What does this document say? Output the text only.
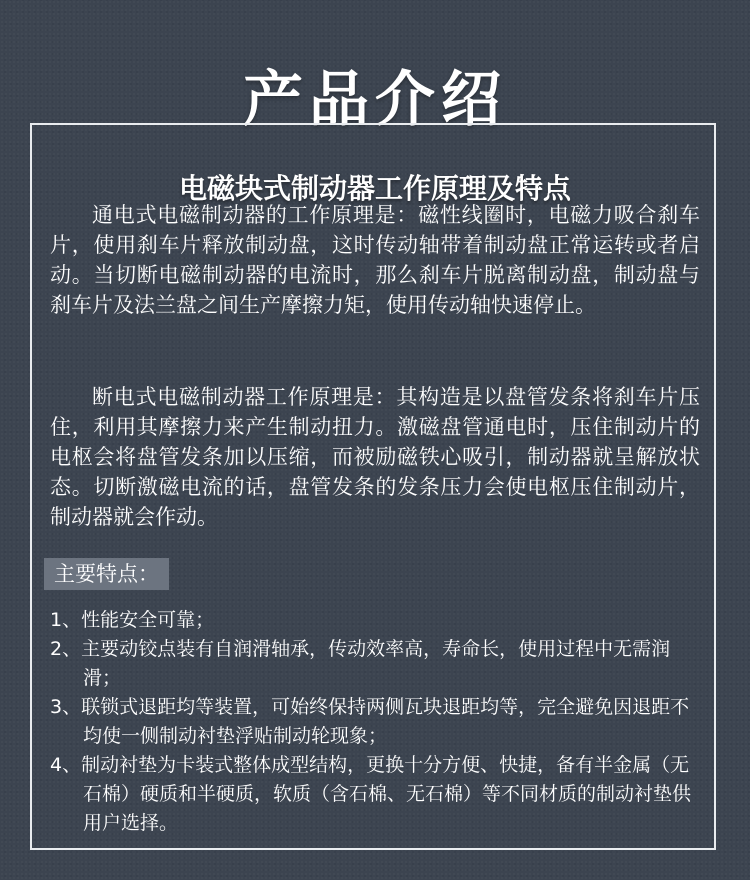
产品介绍
电磁块式制动器工作原理及特点

通电式电磁制动器的工作原理是：磁性线圈时，电磁力吸合刹车片，使用刹车片释放制动盘，这时传动轴带着制动盘正常运转或者启动。当切断电磁制动器的电流时，那么刹车片脱离制动盘，制动盘与刹车片及法兰盘之间生产摩擦力矩，使用传动轴快速停止。

断电式电磁制动器工作原理是：其构造是以盘管发条将刹车片压住，利用其摩擦力来产生制动扭力。激磁盘管通电时，压住制动片的电枢会将盘管发条加以压缩，而被励磁铁心吸引，制动器就呈解放状态。切断激磁电流的话，盘管发条的发条压力会使电枢压住制动片，制动器就会作动。

主要特点：
1、性能安全可靠；
2、主要动铰点装有自润滑轴承，传动效率高，寿命长，使用过程中无需润滑；
3、联锁式退距均等装置，可始终保持两侧瓦块退距均等，完全避免因退距不均使一侧制动衬垫浮贴制动轮现象；
4、制动衬垫为卡装式整体成型结构，更换十分方便、快捷，备有半金属（无石棉）硬质和半硬质，软质（含石棉、无石棉）等不同材质的制动衬垫供用户选择。
